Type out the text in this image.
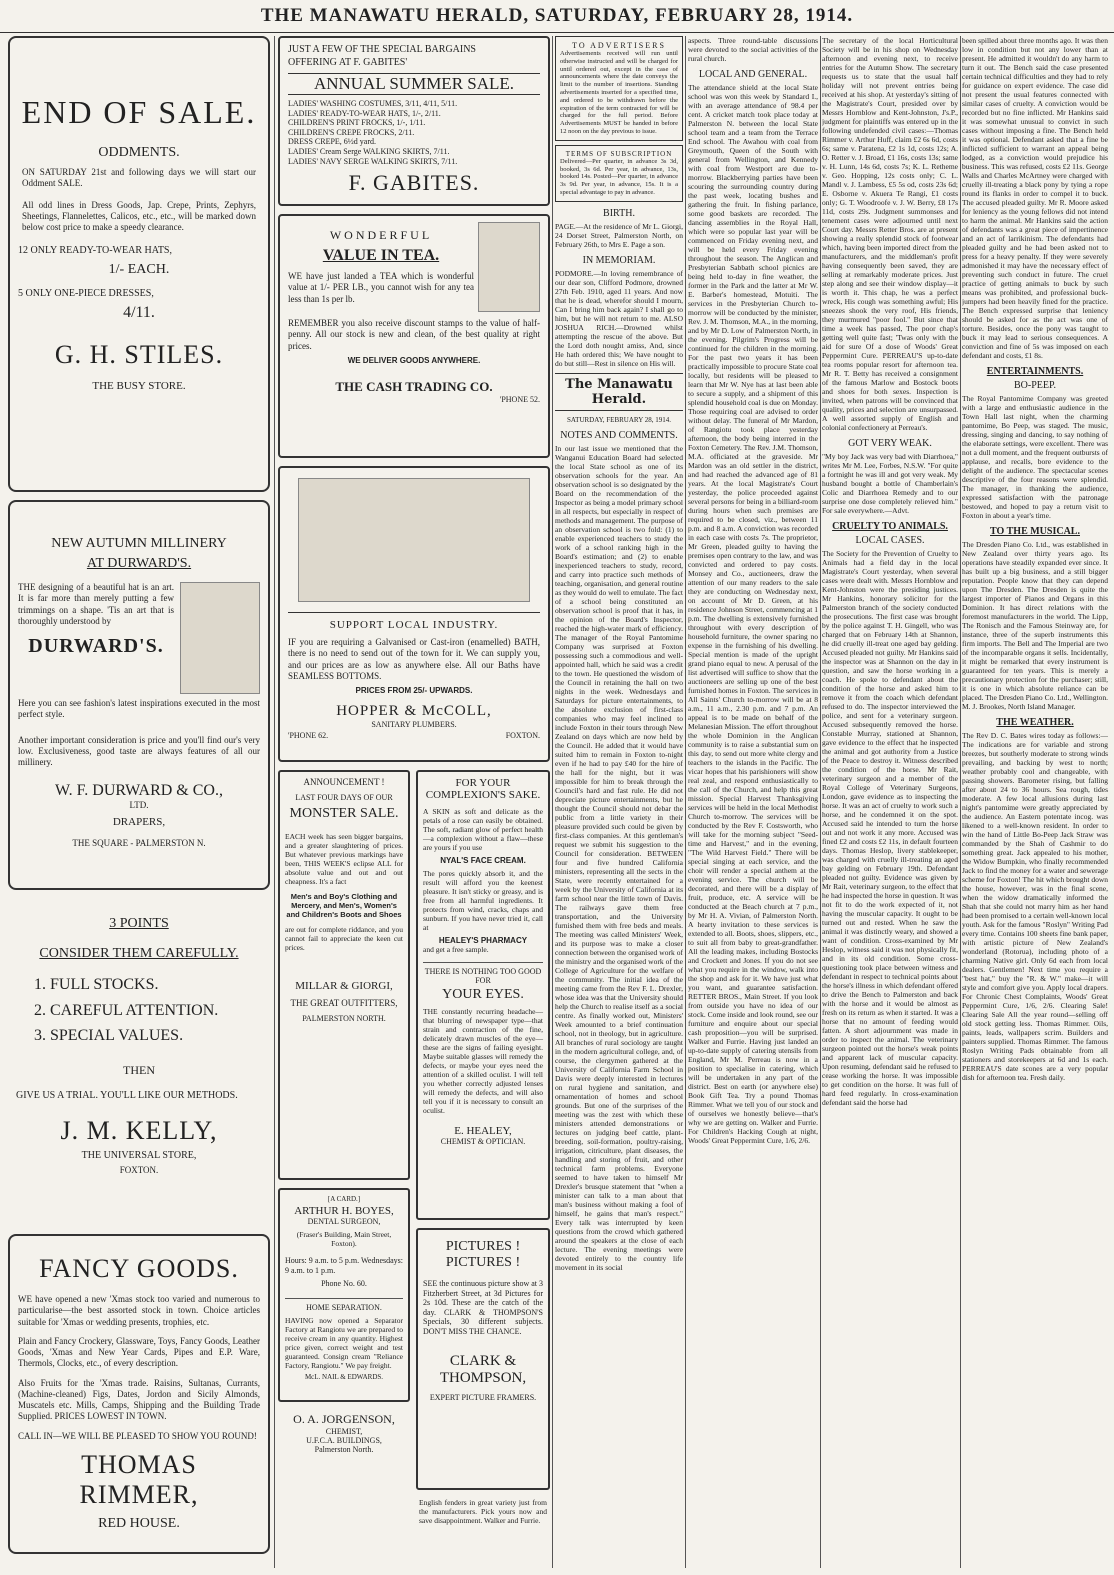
THE MANAWATU HERALD, SATURDAY, FEBRUARY 28, 1914.
END OF SALE.
ODDMENTS.
ON SATURDAY 21st and following days we will start our Oddment SALE.
All odd lines in Dress Goods, Jap. Crepe, Prints, Zephyrs, Sheetings, Flannelettes, Calicos, etc., etc., will be marked down below cost price to make a speedy clearance.
12 ONLY READY-TO-WEAR HATS,
1/- EACH.
5 ONLY ONE-PIECE DRESSES,
4/11.
G. H. STILES.
THE BUSY STORE.
NEW AUTUMN MILLINERY
AT DURWARD'S.
THE designing of a beautiful hat is an art. It is far more than merely putting a few trimmings on a shape. 'Tis an art that is thoroughly understood by
DURWARD'S.
Here you can see fashion's latest inspirations executed in the most perfect style.
Another important consideration is price and you'll find our's very low. Exclusiveness, good taste are always features of all our millinery.
W. F. DURWARD & CO.,
LTD.
DRAPERS,
THE SQUARE - PALMERSTON N.
3 POINTS
CONSIDER THEM CAREFULLY.
1. FULL STOCKS.
2. CAREFUL ATTENTION.
3. SPECIAL VALUES.
THEN
GIVE US A TRIAL. YOU'LL LIKE OUR METHODS.
J. M. KELLY,
THE UNIVERSAL STORE,
FOXTON.
FANCY GOODS.
WE have opened a new 'Xmas stock too varied and numerous to particularise—the best assorted stock in town. Choice articles suitable for 'Xmas or wedding presents, trophies, etc.
Plain and Fancy Crockery, Glassware, Toys, Fancy Goods, Leather Goods, 'Xmas and New Year Cards, Pipes and E.P. Ware, Thermols, Clocks, etc., of every description.
Also Fruits for the 'Xmas trade. Raisins, Sultanas, Currants, (Machine-cleaned) Figs, Dates, Jordon and Sicily Almonds, Muscatels etc. Mills, Camps, Shipping and the Building Trade Supplied. PRICES LOWEST IN TOWN.
CALL IN—WE WILL BE PLEASED TO SHOW YOU ROUND!
THOMAS RIMMER,
RED HOUSE.
JUST A FEW OF THE SPECIAL BARGAINS
OFFERING AT F. GABITES'
ANNUAL SUMMER SALE.
LADIES' WASHING COSTUMES, 3/11, 4/11, 5/11.
LADIES' READY-TO-WEAR HATS, 1/-, 2/11.
CHILDREN'S PRINT FROCKS, 1/-, 1/11.
CHILDREN'S CREPE FROCKS, 2/11.
DRESS CREPE, 6½d yard.
LADIES' Cream Serge WALKING SKIRTS, 7/11.
LADIES' NAVY SERGE WALKING SKIRTS, 7/11.
F. GABITES.
WONDERFUL
VALUE IN TEA.
WE have just landed a TEA which is wonderful value at 1/- PER LB., you cannot wish for any tea less than 1s per lb.
REMEMBER you also receive discount stamps to the value of half-penny. All our stock is new and clean, of the best quality at right prices.
WE DELIVER GOODS ANYWHERE.
THE CASH TRADING CO.
'PHONE 52.
SUPPORT LOCAL INDUSTRY.
IF you are requiring a Galvanised or Cast-iron (enamelled) BATH, there is no need to send out of the town for it. We can supply you, and our prices are as low as anywhere else. All our Baths have SEAMLESS BOTTOMS.
PRICES FROM 25/- UPWARDS.
HOPPER & McCOLL,
SANITARY PLUMBERS.
'PHONE 62.	FOXTON.
ANNOUNCEMENT !
LAST FOUR DAYS OF OUR
MONSTER SALE.
EACH week has seen bigger bargains, and a greater slaughtering of prices. But whatever previous markings have been, THIS WEEK'S eclipse ALL for absolute value and out and out cheapness. It's a fact
Men's and Boy's Clothing and Mercery, and Men's, Women's and Children's Boots and Shoes
are out for complete riddance, and you cannot fail to appreciate the keen cut prices.
MILLAR & GIORGI,
THE GREAT OUTFITTERS,
PALMERSTON NORTH.
[A CARD.]
ARTHUR H. BOYES,
DENTAL SURGEON,
(Fraser's Building, Main Street, Foxton).
Hours: 9 a.m. to 5 p.m. Wednesdays: 9 a.m. to 1 p.m.
Phone No. 60.
HOME SEPARATION.
HAVING now opened a Separator Factory at Rangiotu we are prepared to receive cream in any quantity. Highest price given, correct weight and test guaranteed. Consign cream "Reliance Factory, Rangiotu." We pay freight.
McL. NAIL & EDWARDS.
O. A. JORGENSON,
CHEMIST,
U.F.C.A. BUILDINGS,
Palmerston North.
FOR YOUR COMPLEXION'S SAKE.
A SKIN as soft and delicate as the petals of a rose can easily be obtained. The soft, radiant glow of perfect health—a complexion without a flaw—these are yours if you use
NYAL'S FACE CREAM.
The pores quickly absorb it, and the result will afford you the keenest pleasure. It isn't sticky or greasy, and is free from all harmful ingredients. It protects from wind, cracks, chaps and sunburn. If you have never tried it, call at
HEALEY'S PHARMACY
and get a free sample.
THERE IS NOTHING TOO GOOD FOR
YOUR EYES.
THE constantly recurring headache—that blurring of newspaper type—that strain and contraction of the fine, delicately drawn muscles of the eye—these are the signs of failing eyesight. Maybe suitable glasses will remedy the defects, or maybe your eyes need the attention of a skilled oculist. I will tell you whether correctly adjusted lenses will remedy the defects, and will also tell you if it is necessary to consult an oculist.
E. HEALEY,
CHEMIST & OPTICIAN.
PICTURES ! PICTURES !
SEE the continuous picture show at 3 Fitzherbert Street, at 3d Pictures for 2s 10d. These are the catch of the day. CLARK & THOMPSON'S Specials, 30 different subjects. DON'T MISS THE CHANCE.
CLARK & THOMPSON,
EXPERT PICTURE FRAMERS.
English fenders in great variety just from the manufacturers. Pick yours now and save disappointment. Walker and Furrie.
TO ADVERTISERS
Advertisements received will run until otherwise instructed and will be charged for until ordered out, except in the case of announcements where the date conveys the limit to the number of insertions. Standing advertisements inserted for a specified time, and ordered to be withdrawn before the expiration of the term contracted for will be charged for the full period. Before Advertisements MUST be handed in before 12 noon on the day previous to issue.
TERMS OF SUBSCRIPTION
Delivered—Per quarter, in advance 3s 3d, booked, 3s 6d. Per year, in advance, 13s, booked 14s. Posted—Per quarter, in advance 3s 9d. Per year, in advance, 15s. It is a special advantage to pay in advance.
BIRTH.
PAGE.—At the residence of Mr L. Giorgi, 24 Dorset Street, Palmerston North, on February 26th, to Mrs E. Page a son.
IN MEMORIAM.
PODMORE.—In loving remembrance of our dear son, Clifford Podmore, drowned 27th Feb. 1910, aged 11 years. And now that he is dead, wherefor should I mourn, Can I bring him back again? I shall go to him, but he will not return to me. ALSO JOSHUA RICH.—Drowned whilst attempting the rescue of the above. But the Lord doth nought amiss, And, since He hath ordered this; We have nought to do but still—Rest in silence on His will.
The Manawatu Herald.
SATURDAY, FEBRUARY 28, 1914.
NOTES AND COMMENTS.
In our last issue we mentioned that the Wanganui Education Board had selected the local State school as one of its observation schools for the year. An observation school is so designated by the Board on the recommendation of the Inspector as being a model primary school in all respects, but especially in respect of methods and management. The purpose of an observation school is two fold: (1) to enable experienced teachers to study the work of a school ranking high in the Board's estimation; and (2) to enable inexperienced teachers to study, record, and carry into practice such methods of teaching, organisation, and general routine as they would do well to emulate. The fact of a school being constituted an observation school is proof that it has, in the opinion of the Board's Inspector, reached the high-water mark of efficiency. The manager of the Royal Pantomime Company was surprised at Foxton possessing such a commodious and well-appointed hall, which he said was a credit to the town. He questioned the wisdom of the Council in retaining the hall on two nights in the week. Wednesdays and Saturdays for picture entertainments, to the absolute exclusion of first-class companies who may feel inclined to include Foxton in their tours through New Zealand on days which are now held by the Council. He added that it would have suited him to remain in Foxton to-night even if he had to pay £40 for the hire of the hall for the night, but it was impossible for him to break through the Council's hard and fast rule. He did not depreciate picture entertainments, but he thought the Council should not debar the public from a little variety in their pleasure provided such could be given by first-class companies. At this gentleman's request we submit his suggestion to the Council for consideration. BETWEEN four and five hundred California ministers, representing all the sects in the State, were recently entertained for a week by the University of California at its farm school near the little town of Davis. The railways gave them free transportation, and the University furnished them with free beds and meals. The meeting was called Ministers' Week, and its purpose was to make a closer connection between the organised work of the ministry and the organised work of the College of Agriculture for the welfare of the community. The initial idea of the meeting came from the Rev F. L. Drexler, whose idea was that the University should help the Church to realise itself as a social centre. As finally worked out, Ministers' Week amounted to a brief continuation school, not in theology, but in agriculture. All branches of rural sociology are taught in the modern agricultural college, and, of course, the clergymen gathered at the University of California Farm School in Davis were deeply interested in lectures on rural hygiene and sanitation, and ornamentation of homes and school grounds. But one of the surprises of the meeting was the zest with which these ministers attended demonstrations or lectures on judging beef cattle, plant-breeding, soil-formation, poultry-raising, irrigation, citriculture, plant diseases, the handling and storing of fruit, and other technical farm problems. Everyone seemed to have taken to himself Mr Drexler's brusque statement that "when a minister can talk to a man about that man's business without making a fool of himself, he gains that man's respect." Every talk was interrupted by keen questions from the crowd which gathered around the speakers at the close of each lecture. The evening meetings were devoted entirely to the country life movement in its social
aspects. Three round-table discussions were devoted to the social activities of the rural church.
LOCAL AND GENERAL.
The attendance shield at the local State school was won this week by Standard I., with an average attendance of 98.4 per cent. A cricket match took place today at Palmerston N. between the local State school team and a team from the Terrace End school. The Awahou with coal from Greymouth, Queen of the South with general from Wellington, and Kennedy with coal from Westport are due to-morrow. Blackberrying parties have been scouring the surrounding country during the past week, locating bushes and gathering the fruit. In fishing parlance, some good baskets are recorded. The dancing assemblies in the Royal Hall, which were so popular last year will be commenced on Friday evening next, and will be held every Friday evening throughout the season. The Anglican and Presbyterian Sabbath school picnics are being held to-day in fine weather, the former in the Park and the latter at Mr W. E. Barber's homestead, Motuiti. The services in the Presbyterian Church to-morrow will be conducted by the minister, Rev. J. M. Thomson, M.A., in the morning, and by Mr D. Low of Palmerston North, in the evening. Pilgrim's Progress will be continued for the children in the morning. For the past two years it has been practically impossible to procure State coal locally, but residents will be pleased to learn that Mr W. Nye has at last been able to secure a supply, and a shipment of this splendid household coal is due on Monday. Those requiring coal are advised to order without delay. The funeral of Mr Mardon, of Rangiotu took place yesterday afternoon, the body being interred in the Foxton Cemetery. The Rev. J.M. Thomson, M.A. officiated at the graveside. Mr Mardon was an old settler in the district, and had reached the advanced age of 81 years. At the local Magistrate's Court yesterday, the police proceeded against several persons for being in a billiard-room during hours when such premises are required to be closed, viz., between 11 p.m. and 8 a.m. A conviction was recorded in each case with costs 7s. The proprietor, Mr Green, pleaded guilty to having the premises open contrary to the law, and was convicted and ordered to pay costs. Monsey and Co., auctioneers, draw the attention of our many readers to the sale they are conducting on Wednesday next, on account of Mr D. Green, at his residence Johnson Street, commencing at 1 p.m. The dwelling is extensively furnished throughout with every description of household furniture, the owner sparing no expense in the furnishing of his dwelling. Special mention is made of the upright grand piano equal to new. A perusal of the list advertised will suffice to show that the auctioneers are selling up one of the best furnished homes in Foxton. The services in All Saints' Church to-morrow will be at 8 a.m., 11 a.m., 2.30 p.m. and 7 p.m. An appeal is to be made on behalf of the Melanesian Mission. The effort throughout the whole Dominion in the Anglican community is to raise a substantial sum on this day, to send out more white clergy and teachers to the islands in the Pacific. The vicar hopes that his parishioners will show real zeal, and respond enthusiastically to the call of the Church, and help this great mission. Special Harvest Thanksgiving services will be held in the local Methodist Church to-morrow. The services will be conducted by the Rev F. Costsworth, who will take for the morning subject "Seed-time and Harvest," and in the evening, "The Wild Harvest Field." There will be special singing at each service, and the choir will render a special anthem at the evening service. The church will be decorated, and there will be a display of fruit, produce, etc. A service will be conducted at the Beach church at 7 p.m., by Mr H. A. Vivian, of Palmerston North. A hearty invitation to these services is extended to all. Boots, shoes, slippers, etc., to suit all from baby to great-grandfather. All the leading makes, including Bostocks and Crockett and Jones. If you do not see what you require in the window, walk into the shop and ask for it. We have just what you want, and guarantee satisfaction. RETTER BROS., Main Street. If you look from outside you have no idea of our stock. Come inside and look round, see our furniture and enquire about our special cash proposition—you will be surprised. Walker and Furrie. Having just landed an up-to-date supply of catering utensils from England, Mr M. Perreau is now in a position to specialise in catering, which will be undertaken in any part of the district. Best on earth (or anywhere else) Book Gift Tea. Try a pound Thomas Rimmer. What we tell you of our stock and of ourselves we honestly believe—that's why we are getting on. Walker and Furrie. For Children's Hacking Cough at night, Woods' Great Peppermint Cure, 1/6, 2/6.
The secretary of the local Horticultural Society will be in his shop on Wednesday afternoon and evening next, to receive entries for the Autumn Show. The secretary requests us to state that the usual half holiday will not prevent entries being received at his shop. At yesterday's sitting of the Magistrate's Court, presided over by Messrs Hornblow and Kent-Johnston, J's.P., judgment for plaintiffs was entered up in the following undefended civil cases:—Thomas Rimmer v. Arthur Huff, claim £2 6s 6d, costs 6s; same v. Paratena, £2 1s 1d, costs 12s; A. O. Retter v. J. Broad, £1 16s, costs 13s; same v. H. Lunn, 14s 6d, costs 7s; K. L. Retheme v. Geo. Hopping, 12s costs only; C. L. Mandl v. J. Lambess, £5 5s od, costs 23s 6d; E. Osborne v. Akuera Te Rangi, £1 costs only; G. T. Woodroofe v. J. W. Berry, £8 17s 11d, costs 29s. Judgment summonses and tenement cases were adjourned until next Court day. Messrs Retter Bros. are at present showing a really splendid stock of footwear which, having been imported direct from the manufacturers, and the middleman's profit having consequently been saved, they are selling at remarkably moderate prices. Just step along and see their window display—it is worth it. This chap, he was a perfect wreck, His cough was something awful; His sneezes shook the very roof, His friends, they murmured "poor fool." But since that time a week has passed, The poor chap's getting well quite fast; 'Twas only with the aid for sure Of a dose of Woods' Great Peppermint Cure. PERREAU'S up-to-date tea rooms popular resort for afternoon tea. Mr R. T. Betty has received a consignment of the famous Marlow and Bostock boots and shoes for both sexes. Inspection is invited, when patrons will be convinced that quality, prices and selection are unsurpassed. A well assorted supply of English and colonial confectionery at Perreau's.
GOT VERY WEAK.
"My boy Jack was very bad with Diarrhoea," writes Mr M. Lee, Forbes, N.S.W. "For quite a fortnight he was ill and got very weak. My husband bought a bottle of Chamberlain's Colic and Diarrhoea Remedy and to our surprise one dose completely relieved him." For sale everywhere.—Advt.
CRUELTY TO ANIMALS.
LOCAL CASES.
The Society for the Prevention of Cruelty to Animals had a field day in the local Magistrate's Court yesterday, when several cases were dealt with. Messrs Hornblow and Kent-Johnston were the presiding justices. Mr Hankins, honorary solicitor for the Palmerston branch of the society conducted the prosecutions. The first case was brought by the police against T. H. Gingell, who was charged that on February 14th at Shannon, he did cruelly ill-treat one aged bay gelding. Accused pleaded not guilty. Mr Hankins said the inspector was at Shannon on the day in question, and saw the horse working in a coach. He spoke to defendant about the condition of the horse and asked him to remove it from the coach which defendant refused to do. The inspector interviewed the police, and sent for a veterinary surgeon. Accused subsequently removed the horse. Constable Murray, stationed at Shannon, gave evidence to the effect that he inspected the animal and got authority from a Justice of the Peace to destroy it. Witness described the condition of the horse. Mr Rait, veterinary surgeon and a member of the Royal College of Veterinary Surgeons, London, gave evidence as to inspecting the horse. It was an act of cruelty to work such a horse, and he condemned it on the spot. Accused said he intended to turn the horse out and not work it any more. Accused was fined £2 and costs £2 11s, in default fourteen days. Thomas Heslop, livery stablekeeper, was charged with cruelly ill-treating an aged bay gelding on February 19th. Defendant pleaded not guilty. Evidence was given by Mr Rait, veterinary surgeon, to the effect that he had inspected the horse in question. It was not fit to do the work expected of it, not having the muscular capacity. It ought to be turned out and rested. When he saw the animal it was distinctly weary, and showed a want of condition. Cross-examined by Mr Heslop, witness said it was not physically fit, and in its old condition. Some cross-questioning took place between witness and defendant in respect to technical points about the horse's illness in which defendant offered to drive the Bench to Palmerston and back with the horse and it would be almost as fresh on its return as when it started. It was a horse that no amount of feeding would fatten. A short adjournment was made in order to inspect the animal. The veterinary surgeon pointed out the horse's weak points and apparent lack of muscular capacity. Upon resuming, defendant said he refused to cease working the horse. It was impossible to get condition on the horse. It was full of hard feed regularly. In cross-examination defendant said the horse had
been spilled about three months ago. It was then low in condition but not any lower than at present. He admitted it wouldn't do any harm to turn it out. The Bench said the case presented certain technical difficulties and they had to rely for guidance on expert evidence. The case did not present the usual features connected with similar cases of cruelty. A conviction would be recorded but no fine inflicted. Mr Hankins said it was somewhat unusual to convict in such cases without imposing a fine. The Bench held it was optional. Defendant asked that a fine be inflicted sufficient to warrant an appeal being lodged, as a conviction would prejudice his business. This was refused, costs £2 11s. George Walls and Charles McArtney were charged with cruelly ill-treating a black pony by tying a rope round its flanks in order to compel it to buck. The accused pleaded guilty. Mr R. Moore asked for leniency as the young fellows did not intend to harm the animal. Mr Hankins said the action of defendants was a great piece of impertinence and an act of larrikinism. The defendants had pleaded guilty and he had been asked not to press for a heavy penalty. If they were severely admonished it may have the necessary effect of preventing such conduct in future. The cruel practice of getting animals to buck by such means was prohibited, and professional buck-jumpers had been heavily fined for the practice. The Bench expressed surprise that leniency should be asked for as the act was one of torture. Besides, once the pony was taught to buck it may lead to serious consequences. A conviction and fine of 5s was imposed on each defendant and costs, £1 8s.
ENTERTAINMENTS.
BO-PEEP.
The Royal Pantomime Company was greeted with a large and enthusiastic audience in the Town Hall last night, when the charming pantomime, Bo Peep, was staged. The music, dressing, singing and dancing, to say nothing of the elaborate settings, were excellent. There was not a dull moment, and the frequent outbursts of applause, and recalls, bore evidence to the delight of the audience. The spectacular scenes descriptive of the four reasons were splendid. The manager, in thanking the audience, expressed satisfaction with the patronage bestowed, and hoped to pay a return visit to Foxton in about a year's time.
TO THE MUSICAL.
The Dresden Piano Co. Ltd., was established in New Zealand over thirty years ago. Its operations have steadily expanded ever since. It has built up a big business, and a still bigger reputation. People know that they can depend upon The Dresden. The Dresden is quite the largest importer of Pianos and Organs in this Dominion. It has direct relations with the foremost manufacturers in the world. The Lipp, The Ronisch and the Famous Steinway are, for instance, three of the superb instruments this firm imports. The Bell and The Imperial are two of the incomparable organs it sells. Incidentally, it might be remarked that every instrument is guaranteed for ten years. This is merely a precautionary protection for the purchaser; still, it is one in which absolute reliance can be placed. The Dresden Piano Co. Ltd., Wellington. M. J. Brookes, North Island Manager.
THE WEATHER.
The Rev D. C. Bates wires today as follows:—The indications are for variable and strong breezes, but southerly moderate to strong winds prevailing, and backing by west to north; weather probably cool and changeable, with passing showers. Barometer rising, but falling after about 24 to 36 hours. Sea rough, tides moderate. A few local allusions during last night's pantomime were greatly appreciated by the audience. An Eastern potentate incog. was likened to a well-known resident. In order to win the hand of Little Bo-Peep Jack Straw was commanded by the Shah of Cashmir to do something great. Jack appealed to his mother, the Widow Bumpkin, who finally recommended Jack to find the money for a water and sewerage scheme for Foxton! The hit which brought down the house, however, was in the final scene, when the widow dramatically informed the Shah that she could not marry him as her hand had been promised to a certain well-known local youth. Ask for the famous "Roslyn" Writing Pad every time. Contains 100 sheets fine bank paper, with artistic picture of New Zealand's wonderland (Rotorua), including photo of a charming Native girl. Only 6d each from local dealers. Gentlemen! Next time you require a "best hat," buy the "R. & W." make—it will style and comfort give you. Apply local drapers. For Chronic Chest Complaints, Woods' Great Peppermint Cure, 1/6, 2/6. Clearing Sale! Clearing Sale All the year round—selling off old stock getting less. Thomas Rimmer. Oils, paints, leads, wallpapers scrim. Builders and painters supplied. Thomas Rimmer. The famous Roslyn Writing Pads obtainable from all stationers and storekeepers at 6d and 1s each. PERREAU'S date scones are a very popular dish for afternoon tea. Fresh daily.
